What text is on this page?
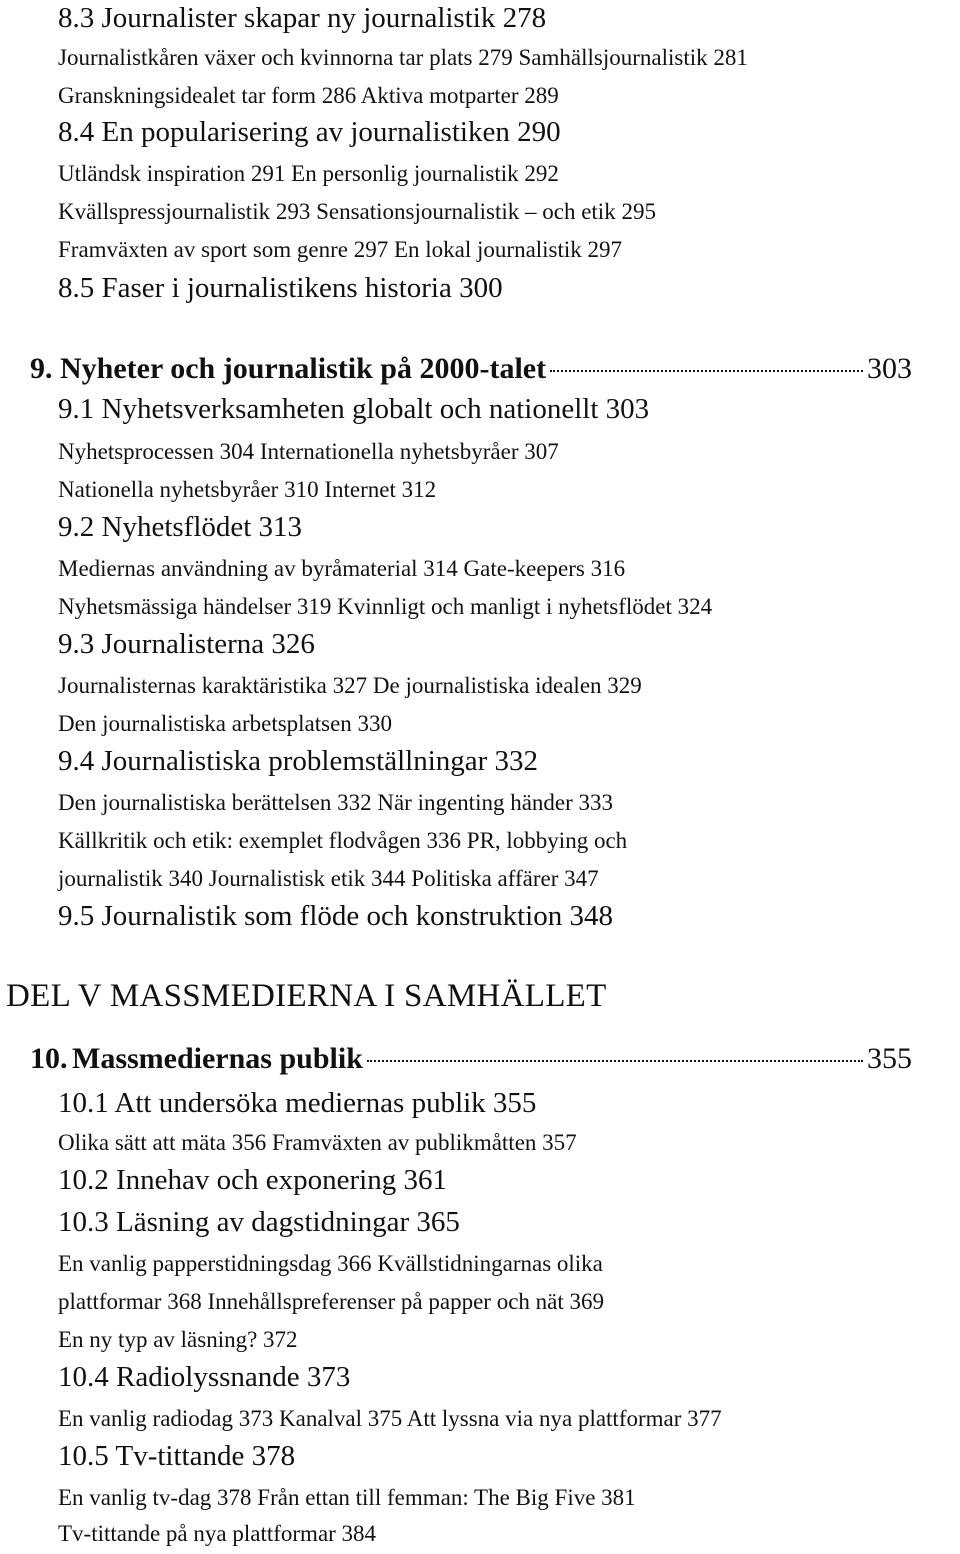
8.3 Journalister skapar ny journalistik 278
Journalistkåren växer och kvinnorna tar plats 279 Samhällsjournalistik 281
Granskningsidealet tar form 286 Aktiva motparter 289
8.4 En popularisering av journalistiken 290
Utländsk inspiration 291 En personlig journalistik 292
Kvällspressjournalistik 293 Sensationsjournalistik – och etik 295
Framväxten av sport som genre 297 En lokal journalistik 297
8.5 Faser i journalistikens historia 300
9. Nyheter och journalistik på 2000-talet	303
9.1 Nyhetsverksamheten globalt och nationellt 303
Nyhetsprocessen 304 Internationella nyhetsbyråer 307
Nationella nyhetsbyråer 310 Internet 312
9.2 Nyhetsflödet 313
Mediernas användning av byråmaterial 314 Gate-keepers 316
Nyhetsmässiga händelser 319 Kvinnligt och manligt i nyhetsflödet 324
9.3 Journalisterna 326
Journalisternas karaktäristika 327 De journalistiska idealen 329
Den journalistiska arbetsplatsen 330
9.4 Journalistiska problemställningar 332
Den journalistiska berättelsen 332 När ingenting händer 333
Källkritik och etik: exemplet flodvågen 336 PR, lobbying och
journalistik 340 Journalistisk etik 344 Politiska affärer 347
9.5 Journalistik som flöde och konstruktion 348
DEL V MASSMEDIERNA I SAMHÄLLET
10. Massmediernas publik	355
10.1 Att undersöka mediernas publik 355
Olika sätt att mäta 356 Framväxten av publikmåtten 357
10.2 Innehav och exponering 361
10.3 Läsning av dagstidningar 365
En vanlig papperstidningsdag 366 Kvällstidningarnas olika
plattformar 368 Innehållspreferenser på papper och nät 369
En ny typ av läsning? 372
10.4 Radiolyssnande 373
En vanlig radiodag 373 Kanalval 375 Att lyssna via nya plattformar 377
10.5 Tv-tittande 378
En vanlig tv-dag 378 Från ettan till femman: The Big Five 381
Tv-tittande på nya plattformar 384
